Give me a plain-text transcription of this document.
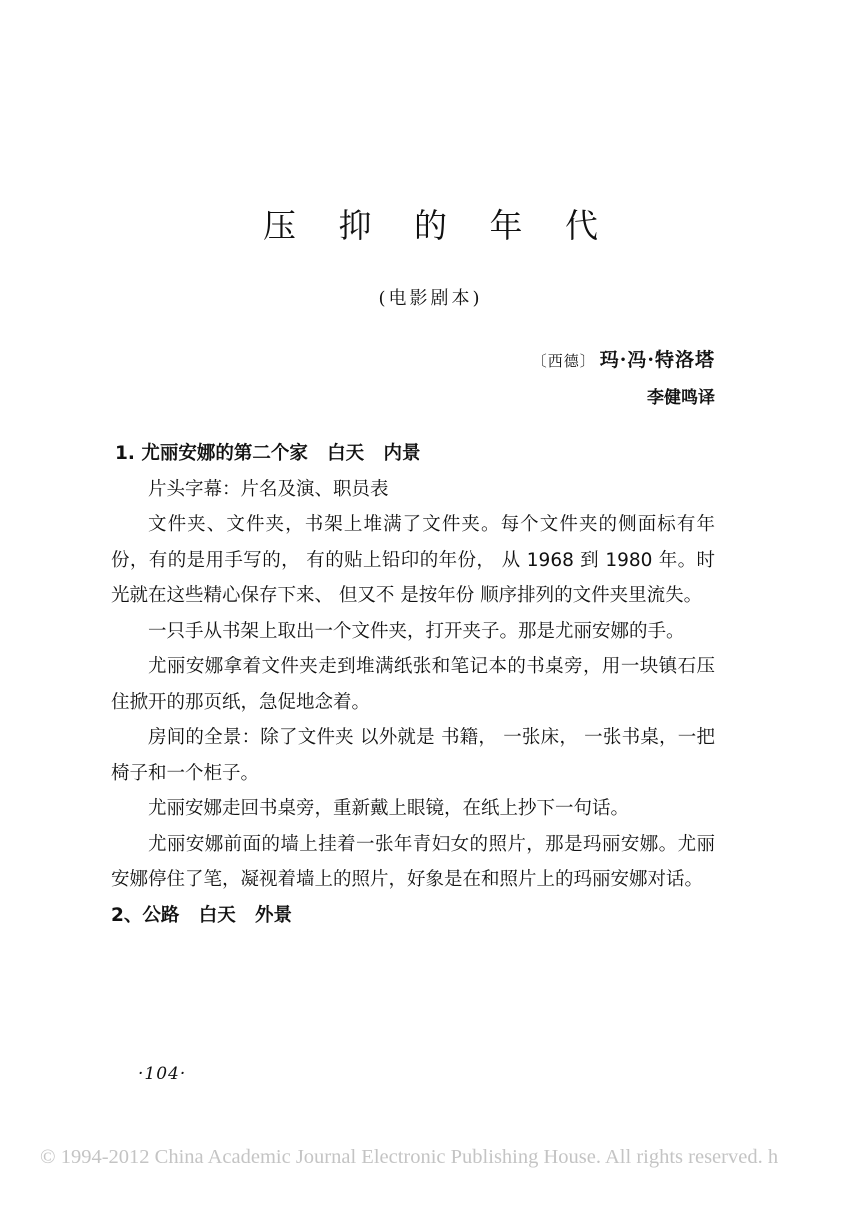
压 抑 的 年 代
(电影剧本)
〔西德〕 玛·冯·特洛塔
李健鸣译

1. 尤丽安娜的第二个家   白天   内景

片头字幕：片名及演、职员表

文件夹、文件夹，书架上堆满了文件夹。每个文件夹的侧面标有年份，有的是用手写的， 有的贴上铅印的年份， 从 1968 到 1980 年。时光就在这些精心保存下来、 但又不 是按年份 顺序排列的文件夹里流失。

一只手从书架上取出一个文件夹，打开夹子。那是尤丽安娜的手。

尤丽安娜拿着文件夹走到堆满纸张和笔记本的书桌旁，用一块镇石压住掀开的那页纸，急促地念着。

房间的全景：除了文件夹 以外就是 书籍， 一张床， 一张书桌，一把椅子和一个柜子。

尤丽安娜走回书桌旁，重新戴上眼镜，在纸上抄下一句话。

尤丽安娜前面的墙上挂着一张年青妇女的照片，那是玛丽安娜。尤丽安娜停住了笔，凝视着墙上的照片，好象是在和照片上的玛丽安娜对话。

2、公路   白天   外景

·104·
© 1994-2012 China Academic Journal Electronic Publishing House. All rights reserved. h
